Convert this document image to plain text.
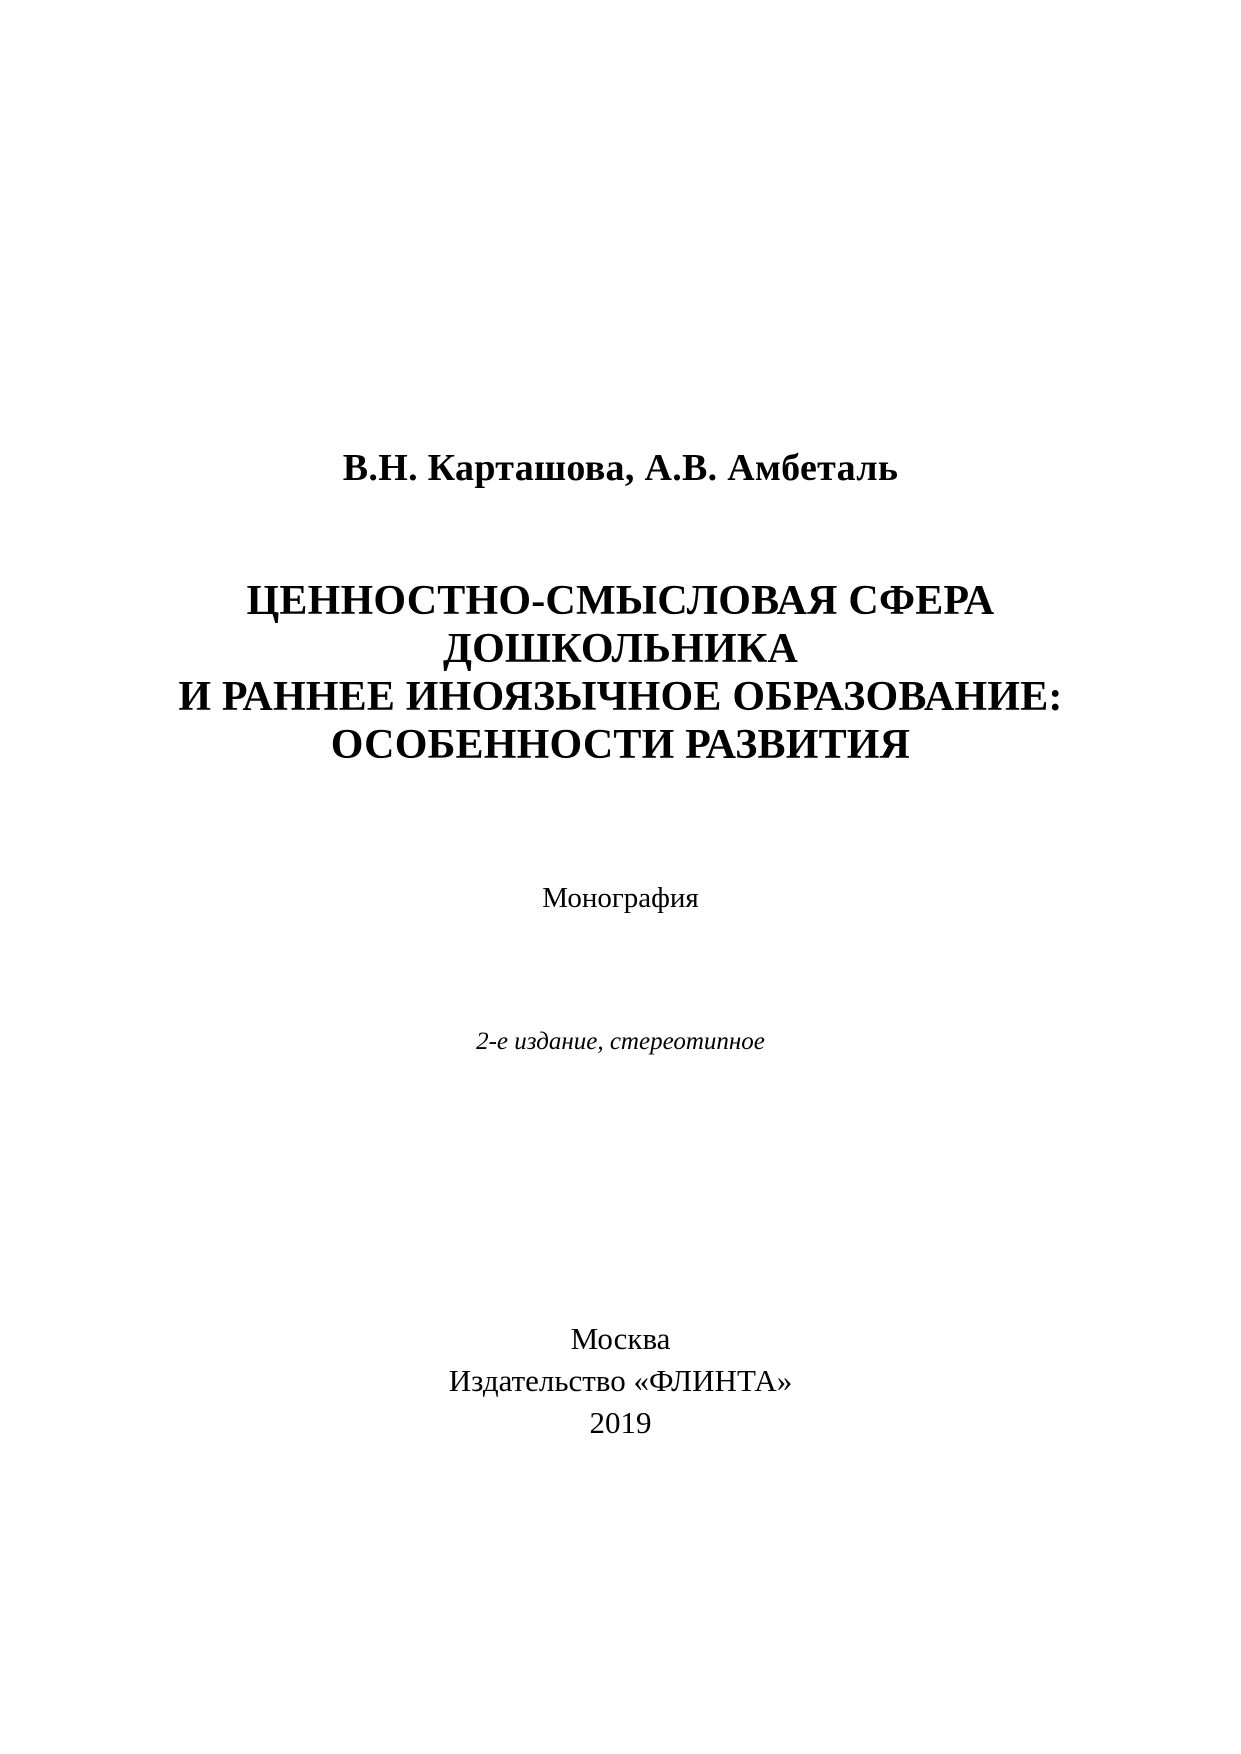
В.Н. Карташова, А.В. Амбеталь
ЦЕННОСТНО-СМЫСЛОВАЯ СФЕРА
ДОШКОЛЬНИКА
И РАННЕЕ ИНОЯЗЫЧНОЕ ОБРАЗОВАНИЕ:
ОСОБЕННОСТИ РАЗВИТИЯ
Монография
2-е издание, стереотипное
Москва
Издательство «ФЛИНТА»
2019
